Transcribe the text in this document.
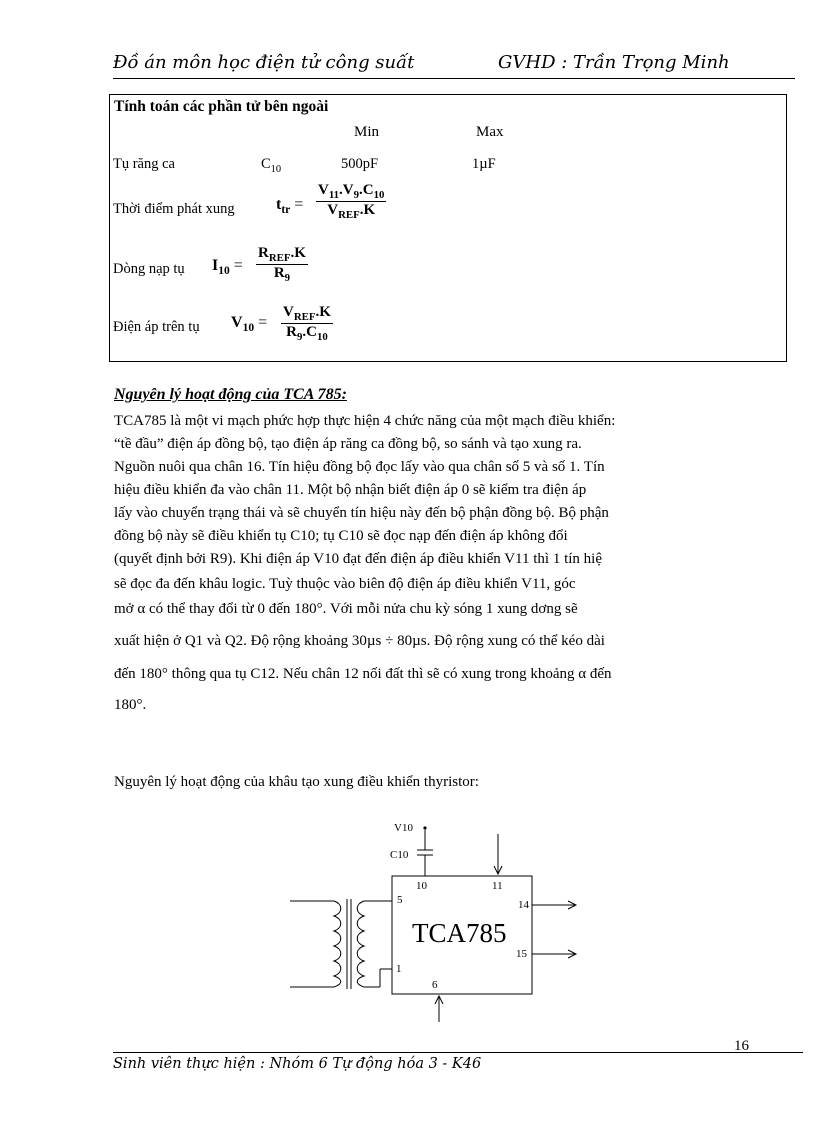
Đồ án môn học điện tử công suất	GVHD : Trần Trọng Minh
Tính toán các phần tử bên ngoài
Min	Max
Tụ răng ca	$C_{10}$	500pF	1µF
Thời điểm phát xung	$t_{tr}$ =
$V_{11}.V_9.C_{10}$
$V_{REF}.K$
Dòng nạp tụ $I_{10}$ =
$R_{REF}.K$
$R_9$
Điện áp trên tụ $V_{10}$ =
$V_{REF}.K$
$R_9.C_{10}$
Nguyên lý hoạt động của TCA 785:
TCA785 là một vi mạch phức hợp thực hiện 4 chức năng của một mạch điều khiển:
“tề đầu” điện áp đồng bộ, tạo điện áp răng ca đồng bộ, so sánh và tạo xung ra.
Nguồn nuôi qua chân 16. Tín hiệu đồng bộ đọc lấy vào qua chân số 5 và số 1. Tín
hiệu điều khiển đa vào chân 11. Một bộ nhận biết điện áp 0 sẽ kiểm tra điện áp
lấy vào chuyển trạng thái và sẽ chuyển tín hiệu này đến bộ phận đồng bộ. Bộ phận
đồng bộ này sẽ điều khiển tụ C10; tụ C10 sẽ đọc nạp đến điện áp không đổi
(quyết định bởi R9). Khi điện áp V10 đạt đến điện áp điều khiển V11 thì 1 tín hiệ
sẽ đọc đa đến khâu logic. Tuỳ thuộc vào biên độ điện áp điều khiển V11, góc
mở α có thể thay đổi từ 0 đến 180°. Với mỗi nửa chu kỳ sóng 1 xung dơng sẽ
xuất hiện ở Q1 và Q2. Độ rộng khoảng 30µs ÷ 80µs. Độ rộng xung có thể kéo dài
đến 180° thông qua tụ C12. Nếu chân 12 nối đất thì sẽ có xung trong khoảng α đến
180°.
Nguyên lý hoạt động của khâu tạo xung điều khiển thyristor:
V10
C10
10	11
5
1
14
15
6
TCA785
16
Sinh viên thực hiện : Nhóm 6 Tự động hóa 3 - K46
